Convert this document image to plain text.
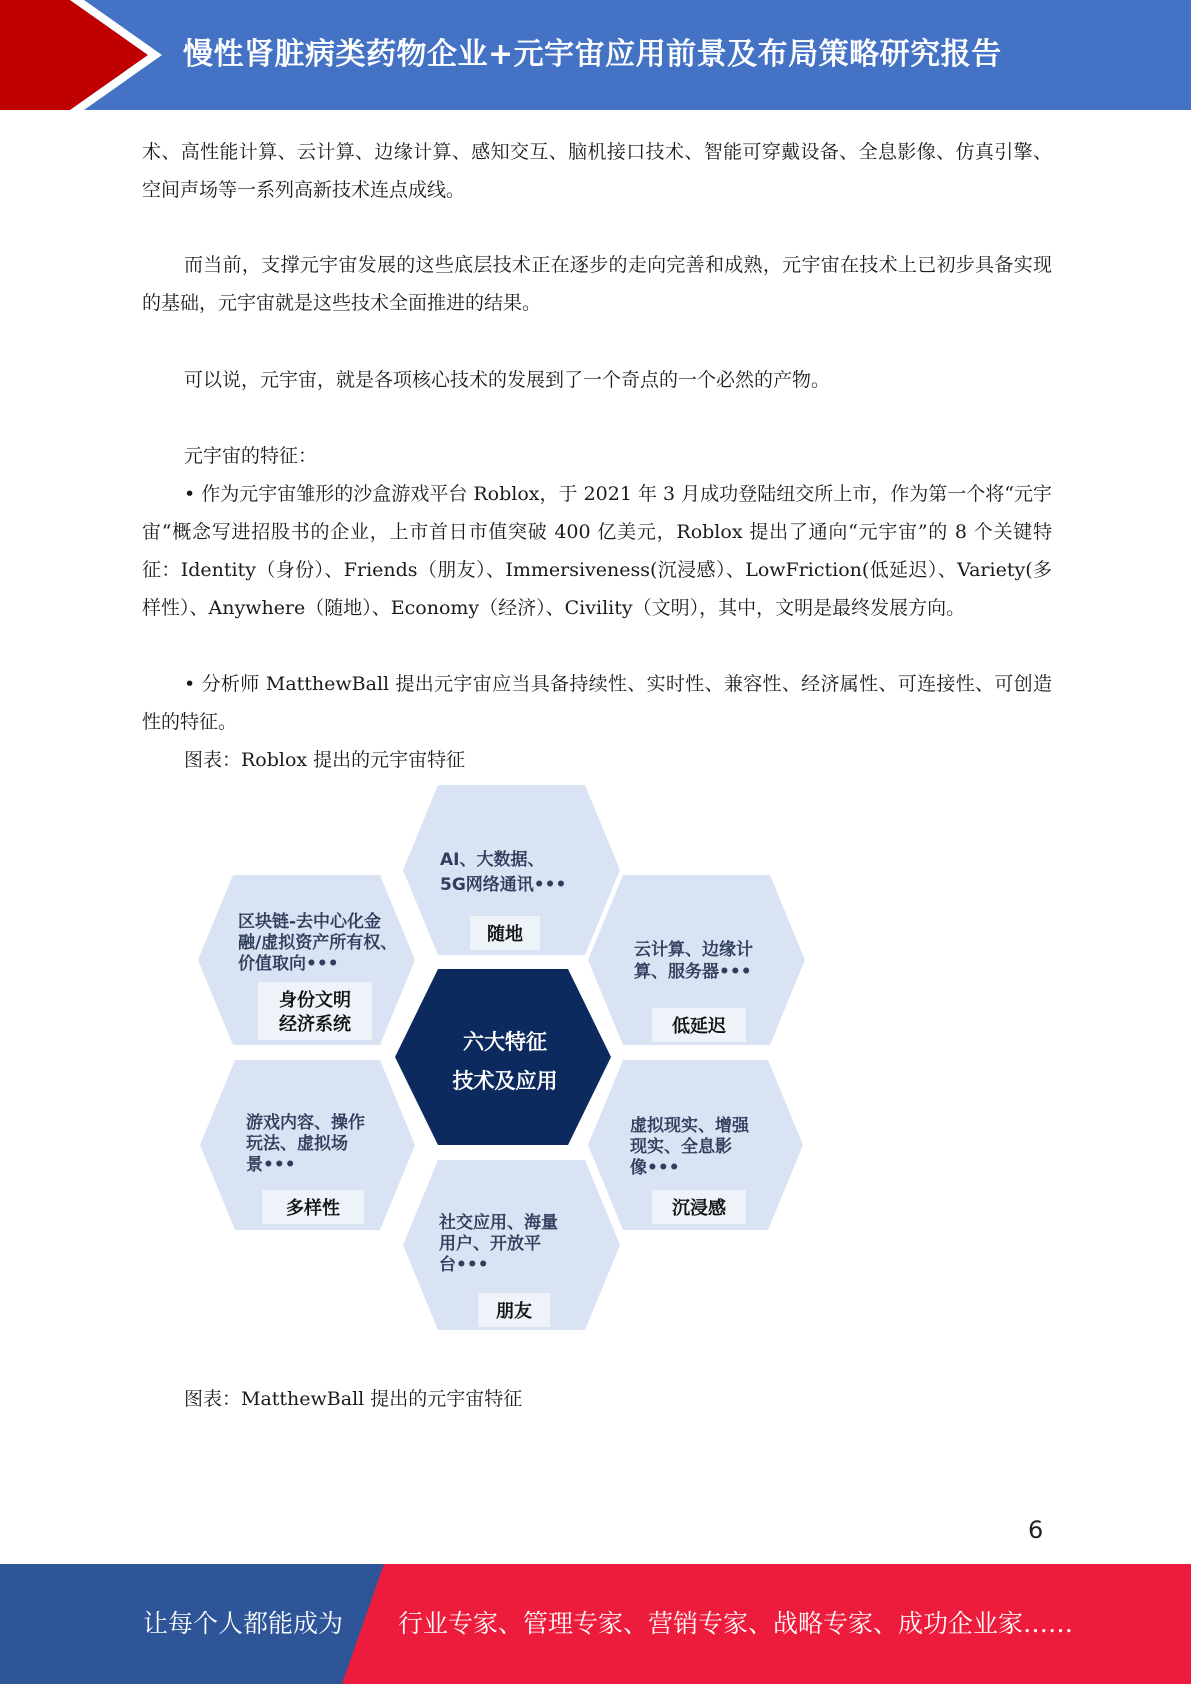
慢性肾脏病类药物企业+元宇宙应用前景及布局策略研究报告

术、高性能计算、云计算、边缘计算、感知交互、脑机接口技术、智能可穿戴设备、全息影像、仿真引擎、空间声场等一系列高新技术连点成线。

而当前，支撑元宇宙发展的这些底层技术正在逐步的走向完善和成熟，元宇宙在技术上已初步具备实现的基础，元宇宙就是这些技术全面推进的结果。

可以说，元宇宙，就是各项核心技术的发展到了一个奇点的一个必然的产物。

元宇宙的特征：

• 作为元宇宙雏形的沙盒游戏平台 Roblox，于 2021 年 3 月成功登陆纽交所上市，作为第一个将“元宇宙“概念写进招股书的企业，上市首日市值突破 400 亿美元，Roblox 提出了通向“元宇宙”的 8 个关键特征：Identity（身份）、Friends（朋友）、Immersiveness(沉浸感）、LowFriction(低延迟）、Variety(多样性）、Anywhere（随地）、Economy（经济）、Civility（文明），其中，文明是最终发展方向。

• 分析师 MatthewBall 提出元宇宙应当具备持续性、实时性、兼容性、经济属性、可连接性、可创造性的特征。

图表：Roblox 提出的元宇宙特征
AI、大数据、
5G网络通讯•••
随地
区块链-去中心化金
融/虚拟资产所有权、
价值取向•••
身份文明
经济系统
云计算、边缘计
算、服务器•••
低延迟
六大特征
技术及应用
游戏内容、操作
玩法、虚拟场
景•••
多样性
虚拟现实、增强
现实、全息影
像•••
沉浸感
社交应用、海量
用户、开放平
台•••
朋友
图表：MatthewBall 提出的元宇宙特征
6
让每个人都能成为 行业专家、管理专家、营销专家、战略专家、成功企业家……
